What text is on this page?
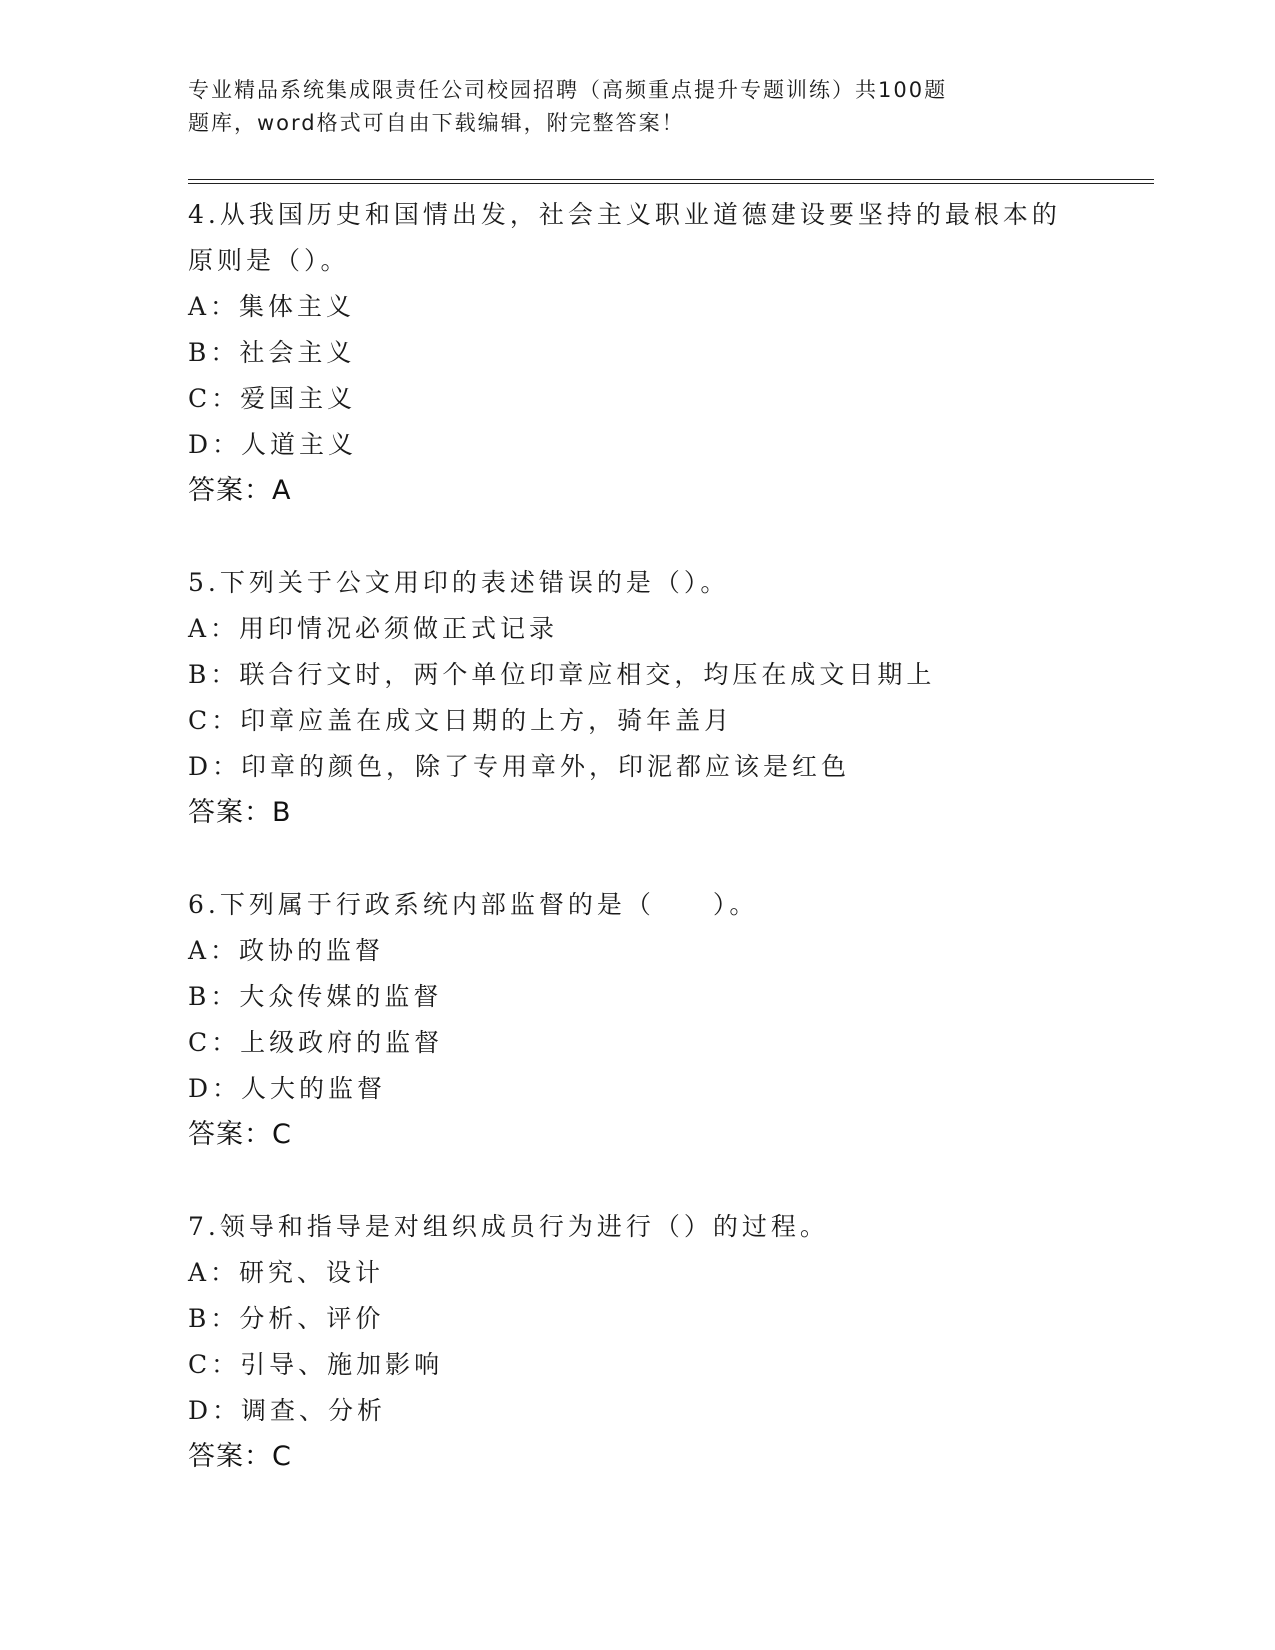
专业精品系统集成限责任公司校园招聘（高频重点提升专题训练）共100题
题库，word格式可自由下载编辑，附完整答案！
4.从我国历史和国情出发，社会主义职业道德建设要坚持的最根本的
原则是（）。
A：集体主义
B：社会主义
C：爱国主义
D：人道主义
答案：A
5.下列关于公文用印的表述错误的是（）。
A：用印情况必须做正式记录
B：联合行文时，两个单位印章应相交，均压在成文日期上
C：印章应盖在成文日期的上方，骑年盖月
D：印章的颜色，除了专用章外，印泥都应该是红色
答案：B
6.下列属于行政系统内部监督的是（　　）。
A：政协的监督
B：大众传媒的监督
C：上级政府的监督
D：人大的监督
答案：C
7.领导和指导是对组织成员行为进行（）的过程。
A：研究、设计
B：分析、评价
C：引导、施加影响
D：调查、分析
答案：C
